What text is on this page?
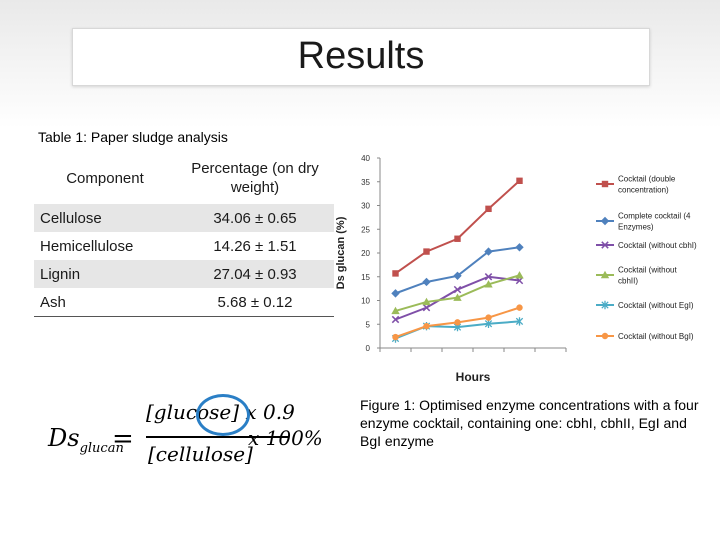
Results
Table 1: Paper sludge analysis
Component	Percentage (on dry weight)
Cellulose	34.06 ± 0.65
Hemicellulose	14.26 ± 1.51
Lignin	27.04 ± 0.93
Ash	5.68 ± 0.12
0
5
10
15
20
25
30
35
40
Ds glucan (%)
Hours
Cocktail (double
concentration)
Complete cocktail (4
Enzymes)
Cocktail (without cbhI)
Cocktail (without
cbhII)
Cocktail (without EgI)
Cocktail (without BgI)
$Ds_{glucan}$
=
[glucose] x 0.9
[cellulose]
x 100%
Figure 1: Optimised enzyme concentrations with a four enzyme cocktail, containing one: cbhI, cbhII, EgI and BgI enzyme
